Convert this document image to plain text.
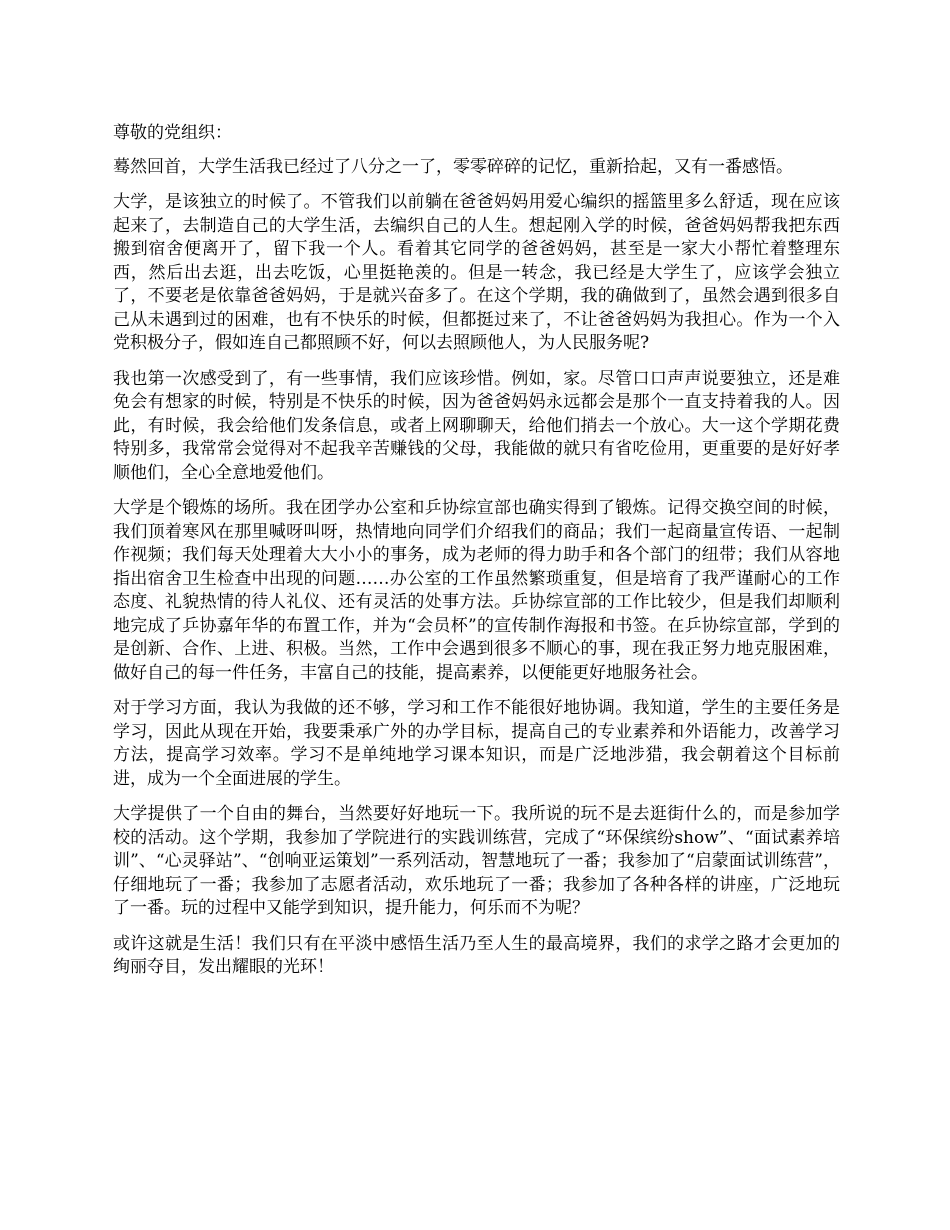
尊敬的党组织：

蓦然回首，大学生活我已经过了八分之一了，零零碎碎的记忆，重新拾起，又有一番感悟。

大学，是该独立的时候了。不管我们以前躺在爸爸妈妈用爱心编织的摇篮里多么舒适，现在应该起来了，去制造自己的大学生活，去编织自己的人生。想起刚入学的时候，爸爸妈妈帮我把东西搬到宿舍便离开了，留下我一个人。看着其它同学的爸爸妈妈，甚至是一家大小帮忙着整理东西，然后出去逛，出去吃饭，心里挺艳羡的。但是一转念，我已经是大学生了，应该学会独立了，不要老是依靠爸爸妈妈，于是就兴奋多了。在这个学期，我的确做到了，虽然会遇到很多自己从未遇到过的困难，也有不快乐的时候，但都挺过来了，不让爸爸妈妈为我担心。作为一个入党积极分子，假如连自己都照顾不好，何以去照顾他人，为人民服务呢?

我也第一次感受到了，有一些事情，我们应该珍惜。例如，家。尽管口口声声说要独立，还是难免会有想家的时候，特别是不快乐的时候，因为爸爸妈妈永远都会是那个一直支持着我的人。因此，有时候，我会给他们发条信息，或者上网聊聊天，给他们捎去一个放心。大一这个学期花费特别多，我常常会觉得对不起我辛苦赚钱的父母，我能做的就只有省吃俭用，更重要的是好好孝顺他们，全心全意地爱他们。

大学是个锻炼的场所。我在团学办公室和乒协综宣部也确实得到了锻炼。记得交换空间的时候，我们顶着寒风在那里喊呀叫呀，热情地向同学们介绍我们的商品；我们一起商量宣传语、一起制作视频；我们每天处理着大大小小的事务，成为老师的得力助手和各个部门的纽带；我们从容地指出宿舍卫生检查中出现的问题……办公室的工作虽然繁琐重复，但是培育了我严谨耐心的工作态度、礼貌热情的待人礼仪、还有灵活的处事方法。乒协综宣部的工作比较少，但是我们却顺利地完成了乒协嘉年华的布置工作，并为“会员杯”的宣传制作海报和书签。在乒协综宣部，学到的是创新、合作、上进、积极。当然，工作中会遇到很多不顺心的事，现在我正努力地克服困难，做好自己的每一件任务，丰富自己的技能，提高素养，以便能更好地服务社会。

对于学习方面，我认为我做的还不够，学习和工作不能很好地协调。我知道，学生的主要任务是学习，因此从现在开始，我要秉承广外的办学目标，提高自己的专业素养和外语能力，改善学习方法，提高学习效率。学习不是单纯地学习课本知识，而是广泛地涉猎，我会朝着这个目标前进，成为一个全面进展的学生。

大学提供了一个自由的舞台，当然要好好地玩一下。我所说的玩不是去逛街什么的，而是参加学校的活动。这个学期，我参加了学院进行的实践训练营，完成了“环保缤纷show”、“面试素养培训”、“心灵驿站”、“创响亚运策划”一系列活动，智慧地玩了一番；我参加了“启蒙面试训练营”，仔细地玩了一番；我参加了志愿者活动，欢乐地玩了一番；我参加了各种各样的讲座，广泛地玩了一番。玩的过程中又能学到知识，提升能力，何乐而不为呢？

或许这就是生活！我们只有在平淡中感悟生活乃至人生的最高境界，我们的求学之路才会更加的绚丽夺目，发出耀眼的光环！
